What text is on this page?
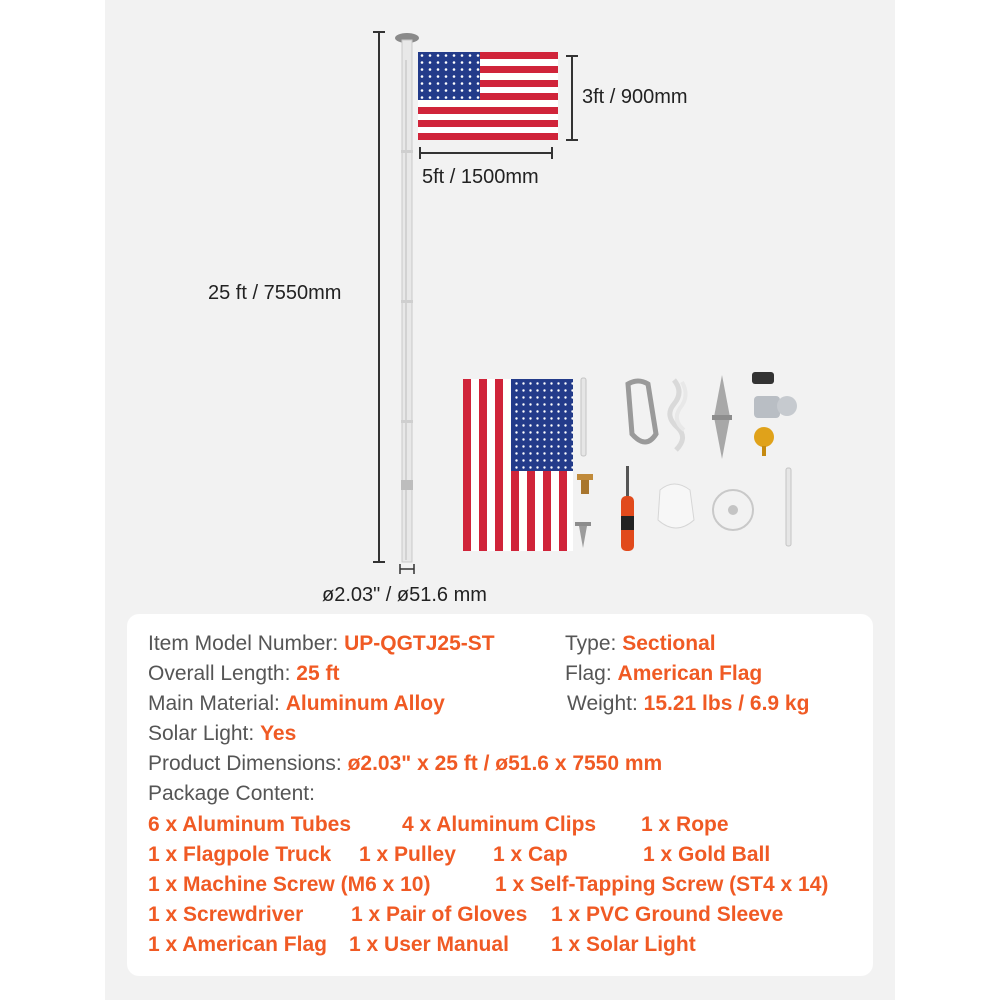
3ft / 900mm
5ft / 1500mm
25 ft / 7550mm
ø2.03" / ø51.6 mm
Item Model Number: UP-QGTJ25-ST	Type: Sectional
Overall Length: 25 ft	Flag: American Flag
Main Material: Aluminum Alloy	Weight: 15.21 lbs / 6.9 kg
Solar Light: Yes
Product Dimensions: ø2.03" x 25 ft / ø51.6 x 7550 mm
Package Content:
6 x Aluminum Tubes 4 x Aluminum Clips 1 x Rope
1 x Flagpole Truck 1 x Pulley 1 x Cap	1 x Gold Ball
1 x Machine Screw (M6 x 10)	1 x Self-Tapping Screw (ST4 x 14)
1 x Screwdriver 1 x Pair of Gloves 1 x PVC Ground Sleeve
1 x American Flag 1 x User Manual 1 x Solar Light
